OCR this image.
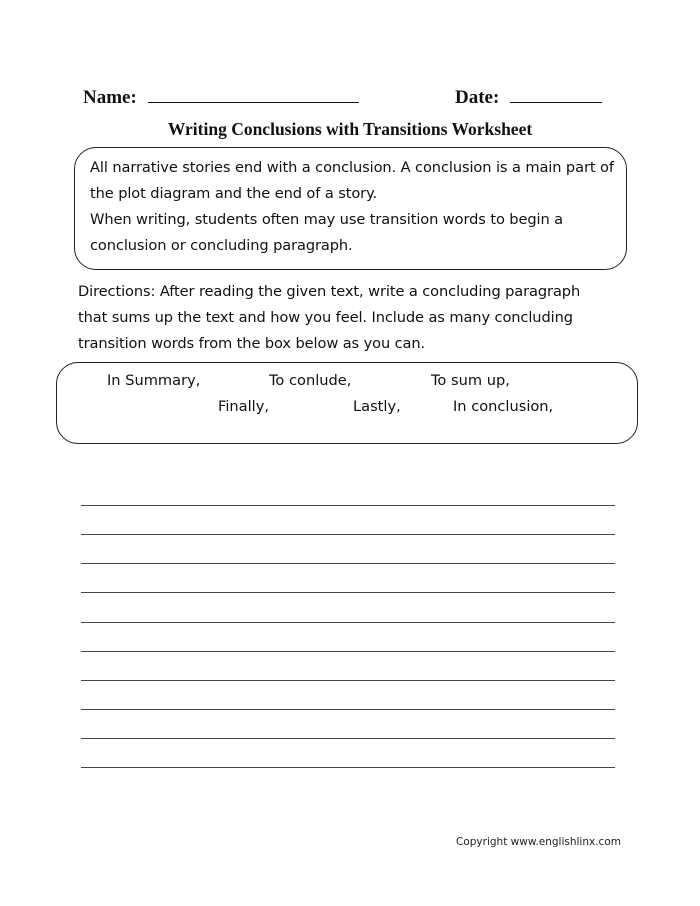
Name:	Date:
Writing Conclusions with Transitions Worksheet
All narrative stories end with a conclusion. A conclusion is a main part of
the plot diagram and the end of a story.
When writing, students often may use transition words to begin a
conclusion or concluding paragraph.
Directions: After reading the given text, write a concluding paragraph
that sums up the text and how you feel. Include as many concluding
transition words from the box below as you can.
In Summary,	To conlude,	To sum up,
Finally,	Lastly,	In conclusion,
Copyright www.englishlinx.com
